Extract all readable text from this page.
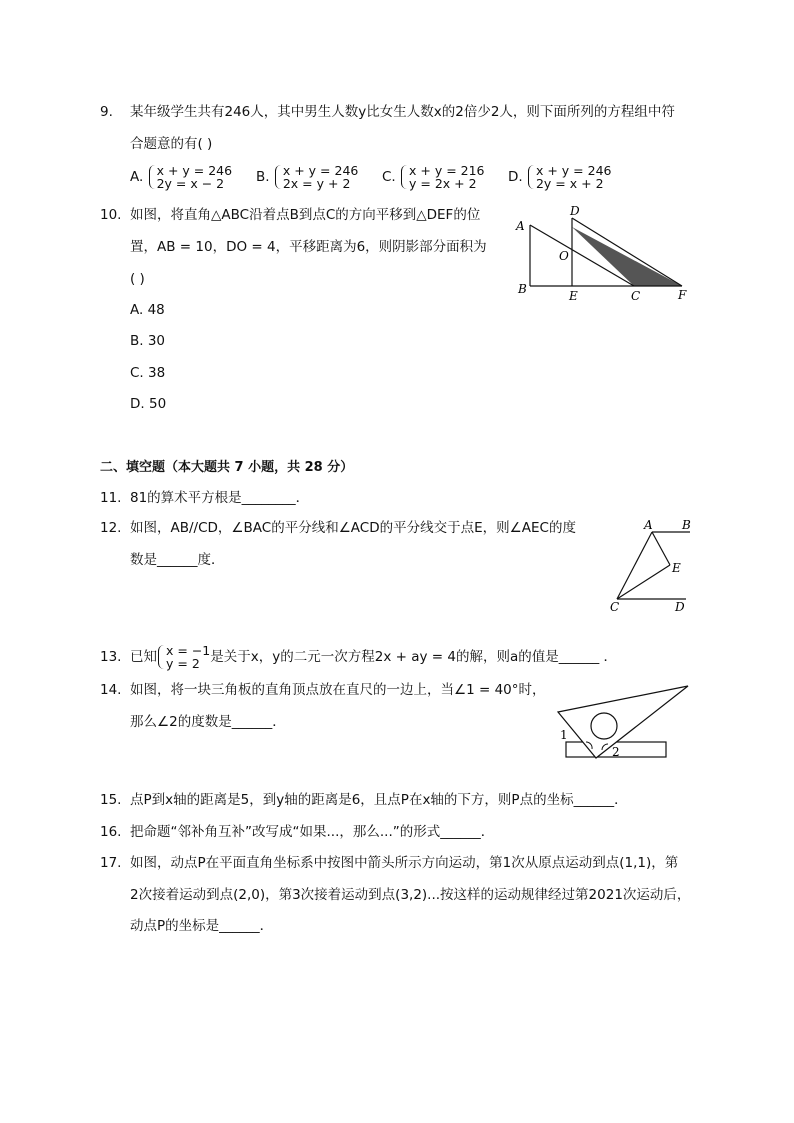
9. 某年级学生共有246人，其中男生人数y比女生人数x的2倍少2人，则下面所列的方程组中符
合题意的有( )
A. x + y = 246
2y = x − 2	B. x + y = 246
2x = y + 2	C. x + y = 216
y = 2x + 2	D. x + y = 246
2y = x + 2
10. 如图，将直角△ABC沿着点B到点C的方向平移到△DEF的位
置，AB = 10，DO = 4，平移距离为6，则阴影部分面积为
( )
A. 48
B. 30
C. 38
D. 50
A
B	C
D
E	F
O
二、填空题（本大题共 7 小题，共 28 分）
11. 81的算术平方根是________．
12. 如图，AB//CD，∠BAC的平分线和∠ACD的平分线交于点E，则∠AEC的度
数是______度．
A B
C	D
E
13. 已知 x = −1
y = 2 是关于x，y的二元一次方程2x + ay = 4的解，则a的值是______ ．
14. 如图，将一块三角板的直角顶点放在直尺的一边上，当∠1 = 40°时，
那么∠2的度数是______．
1
2
15. 点P到x轴的距离是5，到y轴的距离是6，且点P在x轴的下方，则P点的坐标______．
16. 把命题“邻补角互补”改写成“如果...，那么...”的形式______．
17. 如图，动点P在平面直角坐标系中按图中箭头所示方向运动，第1次从原点运动到点(1,1)，第
2次接着运动到点(2,0)，第3次接着运动到点(3,2)...按这样的运动规律经过第2021次运动后，
动点P的坐标是______．
